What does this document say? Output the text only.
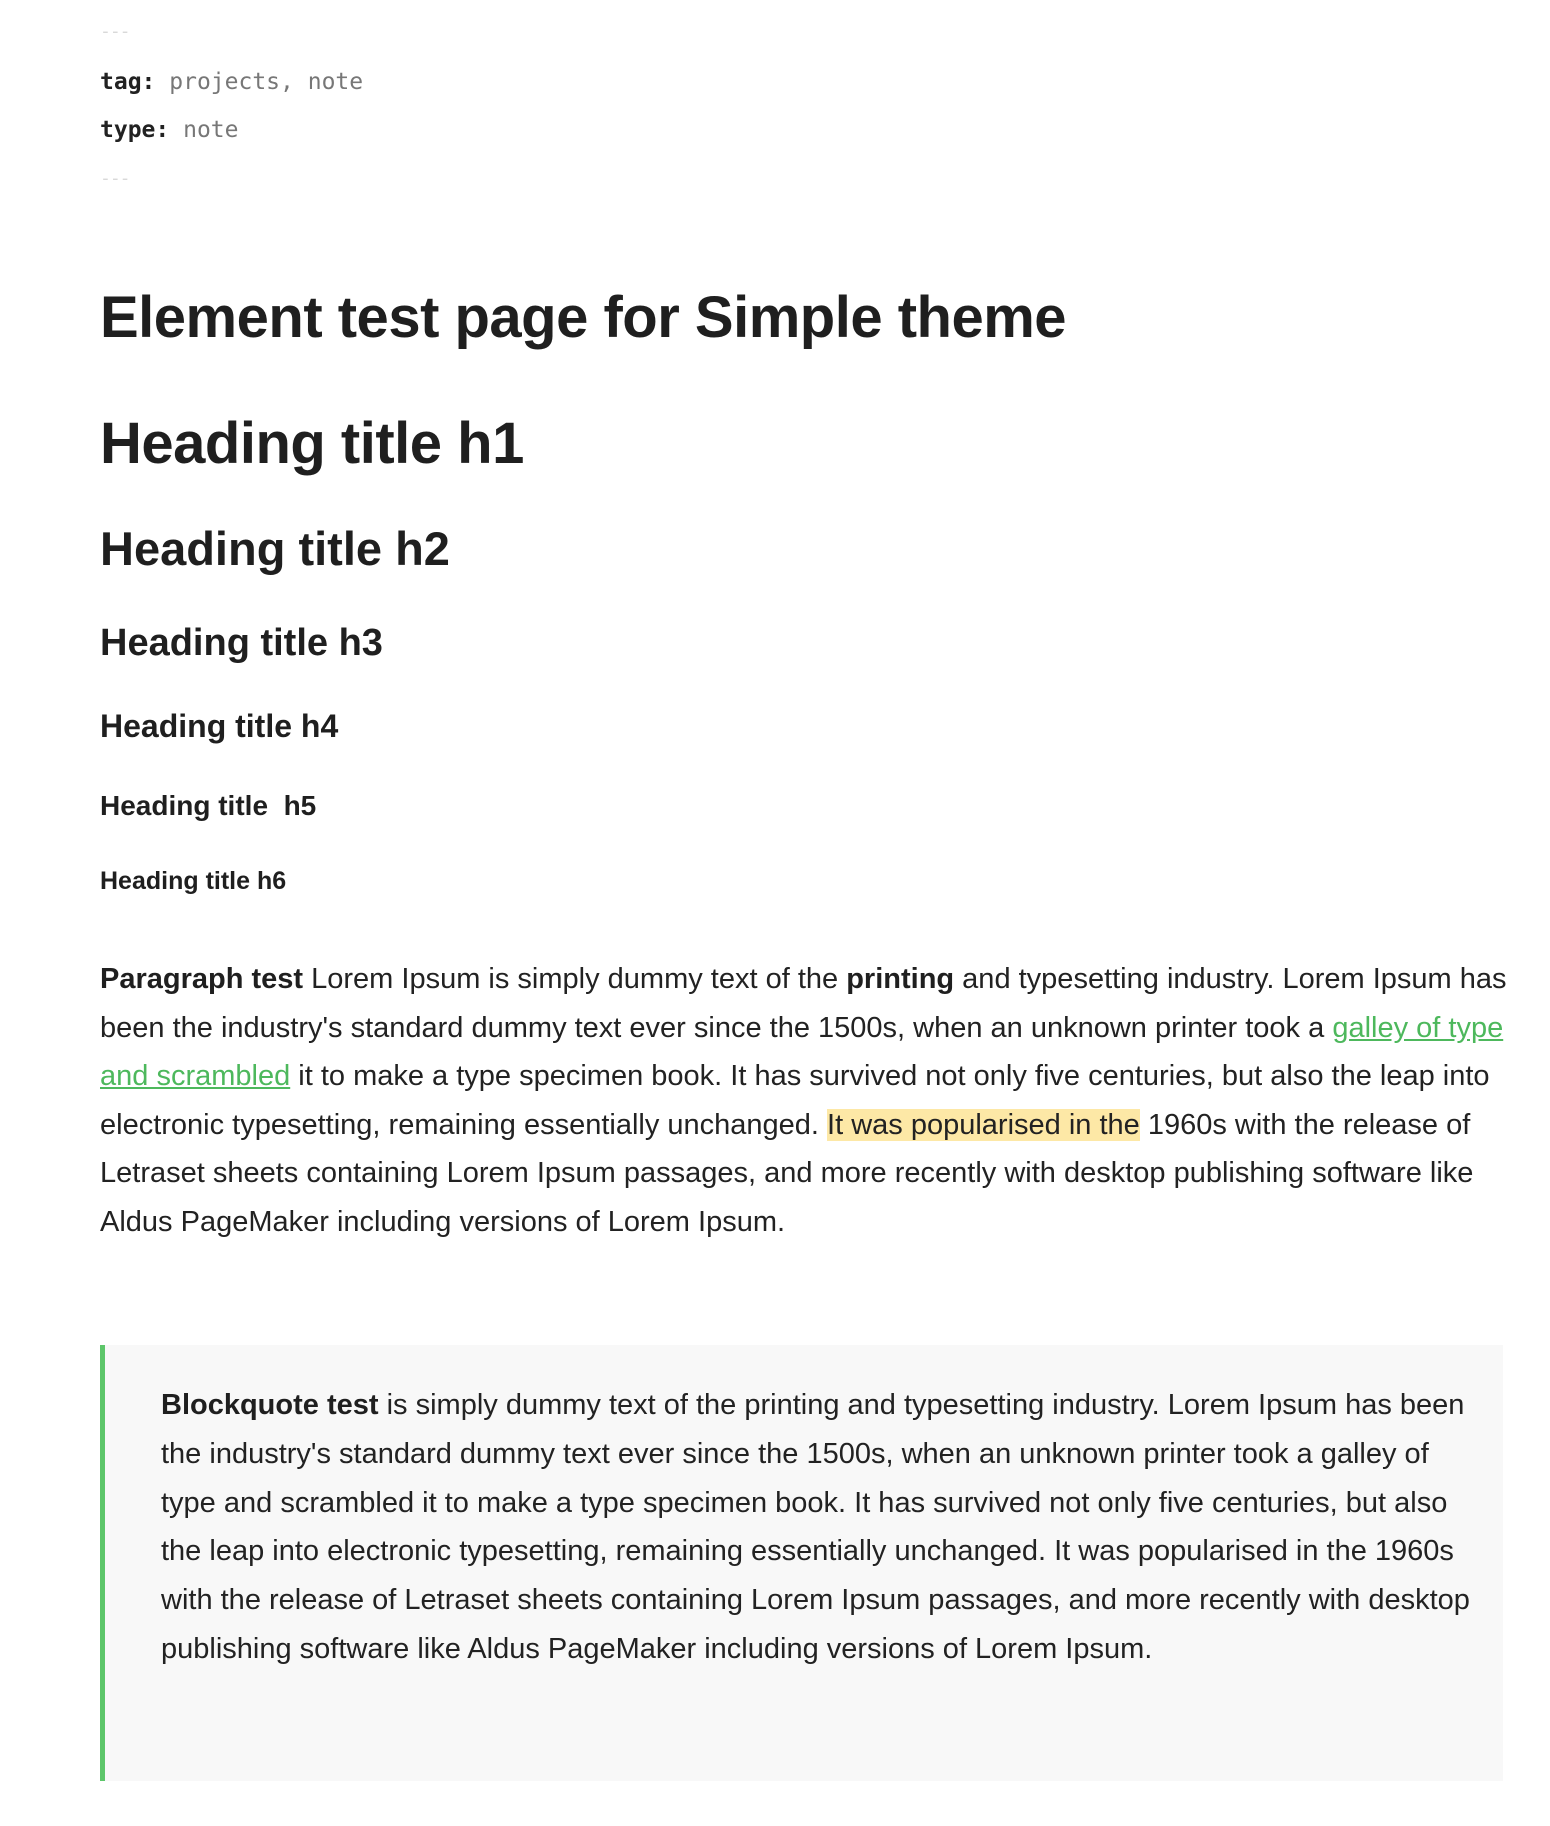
---
tag: projects, note
type: note
---
Element test page for Simple theme
Heading title h1
Heading title h2
Heading title h3
Heading title h4
Heading title  h5
Heading title h6

Paragraph test Lorem Ipsum is simply dummy text of the printing and typesetting industry. Lorem Ipsum has been the industry's standard dummy text ever since the 1500s, when an unknown printer took a galley of type and scrambled it to make a type specimen book. It has survived not only five centuries, but also the leap into electronic typesetting, remaining essentially unchanged. It was popularised in the 1960s with the release of Letraset sheets containing Lorem Ipsum passages, and more recently with desktop publishing software like Aldus PageMaker including versions of Lorem Ipsum.

Blockquote test is simply dummy text of the printing and typesetting industry. Lorem Ipsum has been the industry's standard dummy text ever since the 1500s, when an unknown printer took a galley of type and scrambled it to make a type specimen book. It has survived not only five centuries, but also the leap into electronic typesetting, remaining essentially unchanged. It was popularised in the 1960s with the release of Letraset sheets containing Lorem Ipsum passages, and more recently with desktop publishing software like Aldus PageMaker including versions of Lorem Ipsum.
